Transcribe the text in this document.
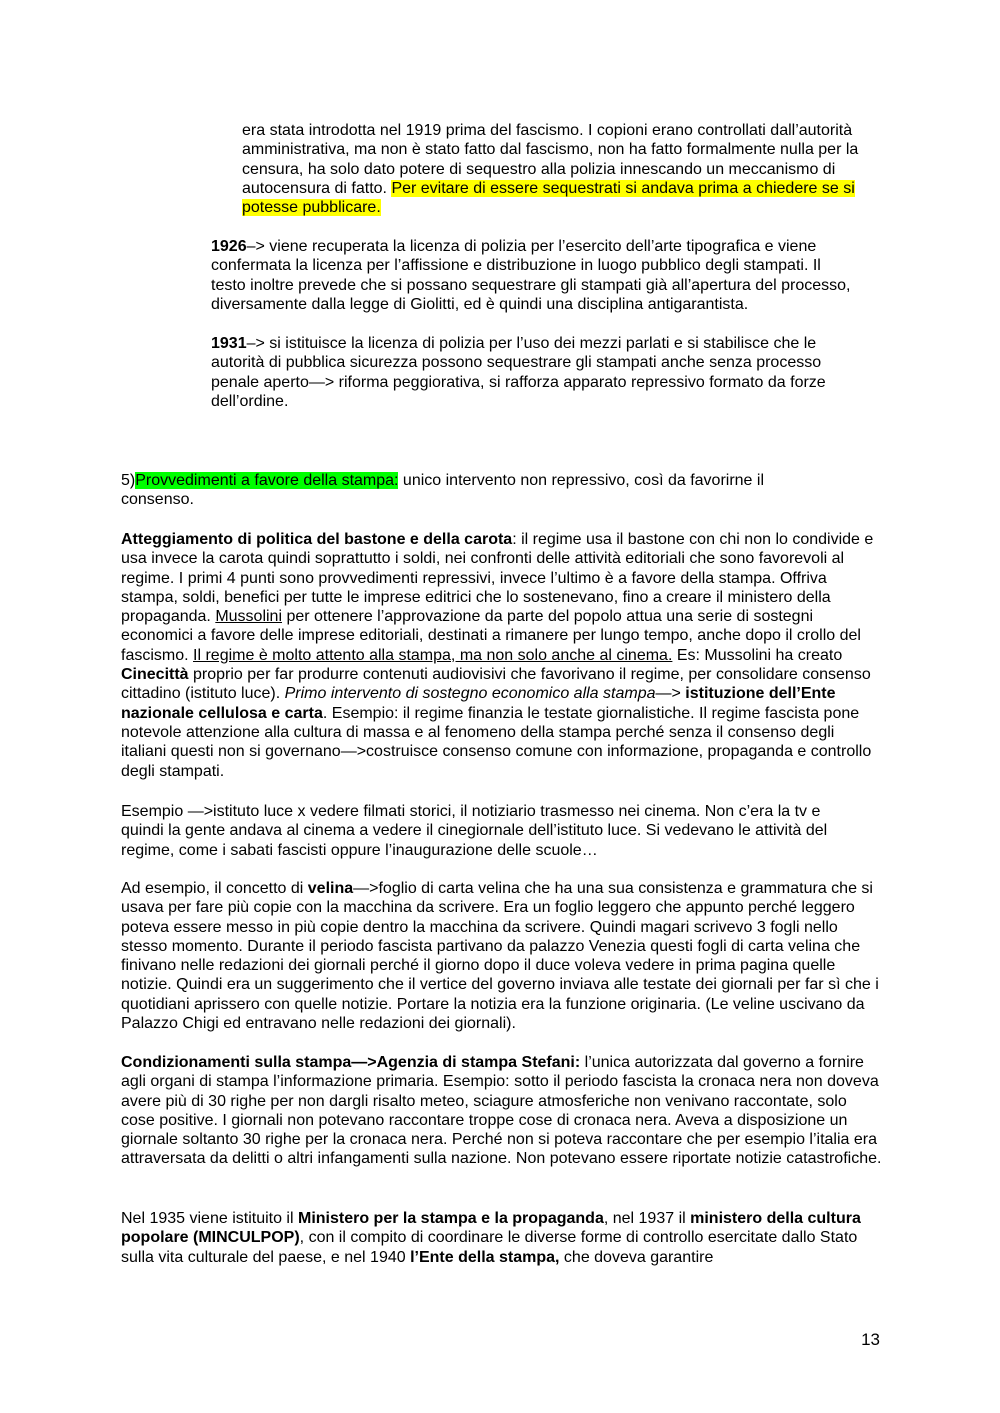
era stata introdotta nel 1919 prima del fascismo. I copioni erano controllati dall’autorità amministrativa, ma non è stato fatto dal fascismo, non ha fatto formalmente nulla per la censura, ha solo dato potere di sequestro alla polizia innescando un meccanismo di autocensura di fatto. Per evitare di essere sequestrati si andava prima a chiedere se si potesse pubblicare.

1926–> viene recuperata la licenza di polizia per l’esercito dell’arte tipografica e viene confermata la licenza per l’affissione e distribuzione in luogo pubblico degli stampati. Il testo inoltre prevede che si possano sequestrare gli stampati già all’apertura del processo, diversamente dalla legge di Giolitti, ed è quindi una disciplina antigarantista.

1931–> si istituisce la licenza di polizia per l’uso dei mezzi parlati e si stabilisce che le autorità di pubblica sicurezza possono sequestrare gli stampati anche senza processo penale aperto—> riforma peggiorativa, si rafforza apparato repressivo formato da forze dell’ordine.

5)Provvedimenti a favore della stampa: unico intervento non repressivo, così da favorirne il consenso.

Atteggiamento di politica del bastone e della carota: il regime usa il bastone con chi non lo condivide e usa invece la carota quindi soprattutto i soldi, nei confronti delle attività editoriali che sono favorevoli al regime. I primi 4 punti sono provvedimenti repressivi, invece l’ultimo è a favore della stampa. Offriva stampa, soldi, benefici per tutte le imprese editrici che lo sostenevano, fino a creare il ministero della propaganda. Mussolini per ottenere l’approvazione da parte del popolo attua una serie di sostegni economici a favore delle imprese editoriali, destinati a rimanere per lungo tempo, anche dopo il crollo del fascismo. Il regime è molto attento alla stampa, ma non solo anche al cinema. Es: Mussolini ha creato Cinecittà proprio per far produrre contenuti audiovisivi che favorivano il regime, per consolidare consenso cittadino (istituto luce). Primo intervento di sostegno economico alla stampa—> istituzione dell’Ente nazionale cellulosa e carta. Esempio: il regime finanzia le testate giornalistiche. Il regime fascista pone notevole attenzione alla cultura di massa e al fenomeno della stampa perché senza il consenso degli italiani questi non si governano—>costruisce consenso comune con informazione, propaganda e controllo degli stampati.

Esempio —>istituto luce x vedere filmati storici, il notiziario trasmesso nei cinema. Non c’era la tv e quindi la gente andava al cinema a vedere il cinegiornale dell’istituto luce. Si vedevano le attività del regime, come i sabati fascisti oppure l’inaugurazione delle scuole…

Ad esempio, il concetto di velina—>foglio di carta velina che ha una sua consistenza e grammatura che si usava per fare più copie con la macchina da scrivere. Era un foglio leggero che appunto perché leggero poteva essere messo in più copie dentro la macchina da scrivere. Quindi magari scrivevo 3 fogli nello stesso momento. Durante il periodo fascista partivano da palazzo Venezia questi fogli di carta velina che finivano nelle redazioni dei giornali perché il giorno dopo il duce voleva vedere in prima pagina quelle notizie. Quindi era un suggerimento che il vertice del governo inviava alle testate dei giornali per far sì che i quotidiani aprissero con quelle notizie. Portare la notizia era la funzione originaria. (Le veline uscivano da Palazzo Chigi ed entravano nelle redazioni dei giornali).

Condizionamenti sulla stampa—>Agenzia di stampa Stefani: l’unica autorizzata dal governo a fornire agli organi di stampa l’informazione primaria. Esempio: sotto il periodo fascista la cronaca nera non doveva avere più di 30 righe per non dargli risalto meteo, sciagure atmosferiche non venivano raccontate, solo cose positive. I giornali non potevano raccontare troppe cose di cronaca nera. Aveva a disposizione un giornale soltanto 30 righe per la cronaca nera. Perché non si poteva raccontare che per esempio l’italia era attraversata da delitti o altri infangamenti sulla nazione. Non potevano essere riportate notizie catastrofiche.

Nel 1935 viene istituito il Ministero per la stampa e la propaganda, nel 1937 il ministero della cultura popolare (MINCULPOP), con il compito di coordinare le diverse forme di controllo esercitate dallo Stato sulla vita culturale del paese, e nel 1940 l’Ente della stampa, che doveva garantire

13
